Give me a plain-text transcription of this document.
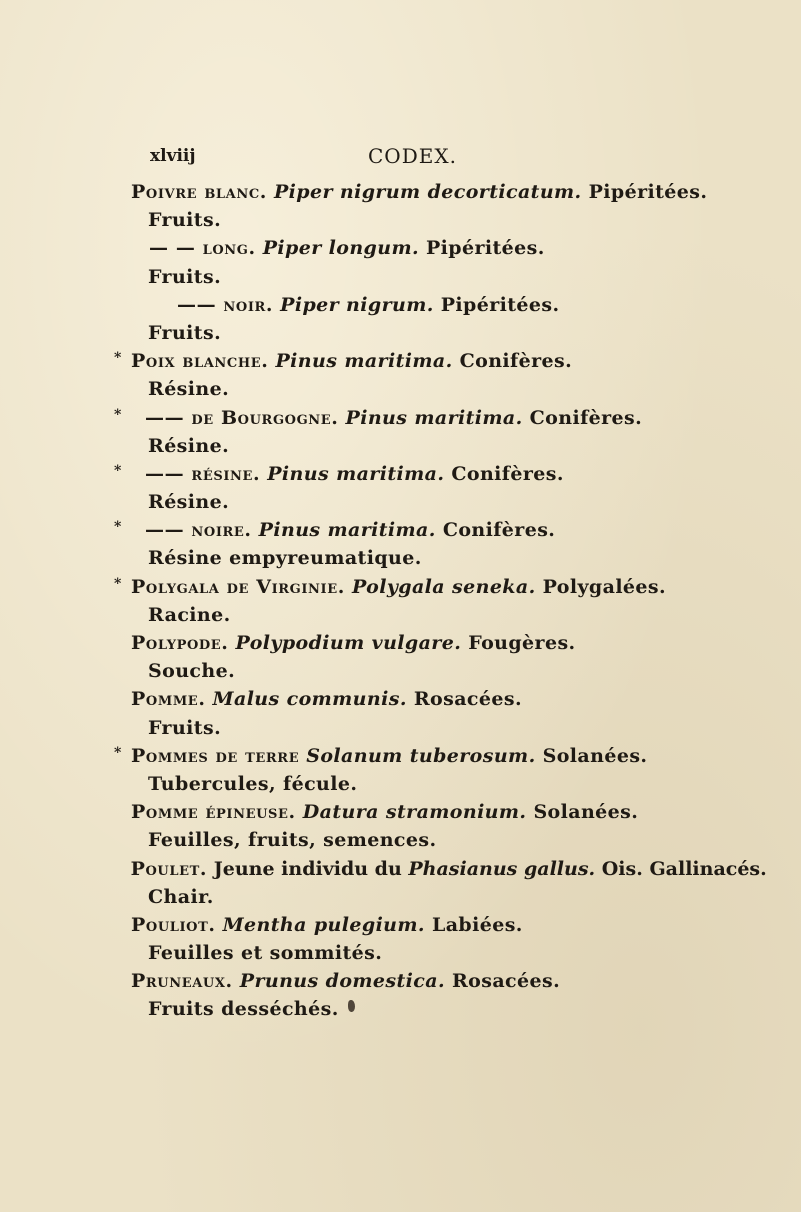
xlviij	CODEX.
Poivre blanc. Piper nigrum decorticatum. Pipéritées.
Fruits.
— — long. Piper longum. Pipéritées.
Fruits.
—— noir. Piper nigrum. Pipéritées.
Fruits.
* Poix blanche. Pinus maritima. Conifères.
Résine.
* —— de Bourgogne. Pinus maritima. Conifères.
Résine.
* —— résine. Pinus maritima. Conifères.
Résine.
* —— noire. Pinus maritima. Conifères.
Résine empyreumatique.
* Polygala de Virginie. Polygala seneka. Polygalées.
Racine.
Polypode. Polypodium vulgare. Fougères.
Souche.
Pomme. Malus communis. Rosacées.
Fruits.
* Pommes de terre Solanum tuberosum. Solanées.
Tubercules, fécule.
Pomme épineuse. Datura stramonium. Solanées.
Feuilles, fruits, semences.
Poulet. Jeune individu du Phasianus gallus. Ois. Gallinacés.
Chair.
Pouliot. Mentha pulegium. Labiées.
Feuilles et sommités.
Pruneaux. Prunus domestica. Rosacées.
Fruits desséchés.
